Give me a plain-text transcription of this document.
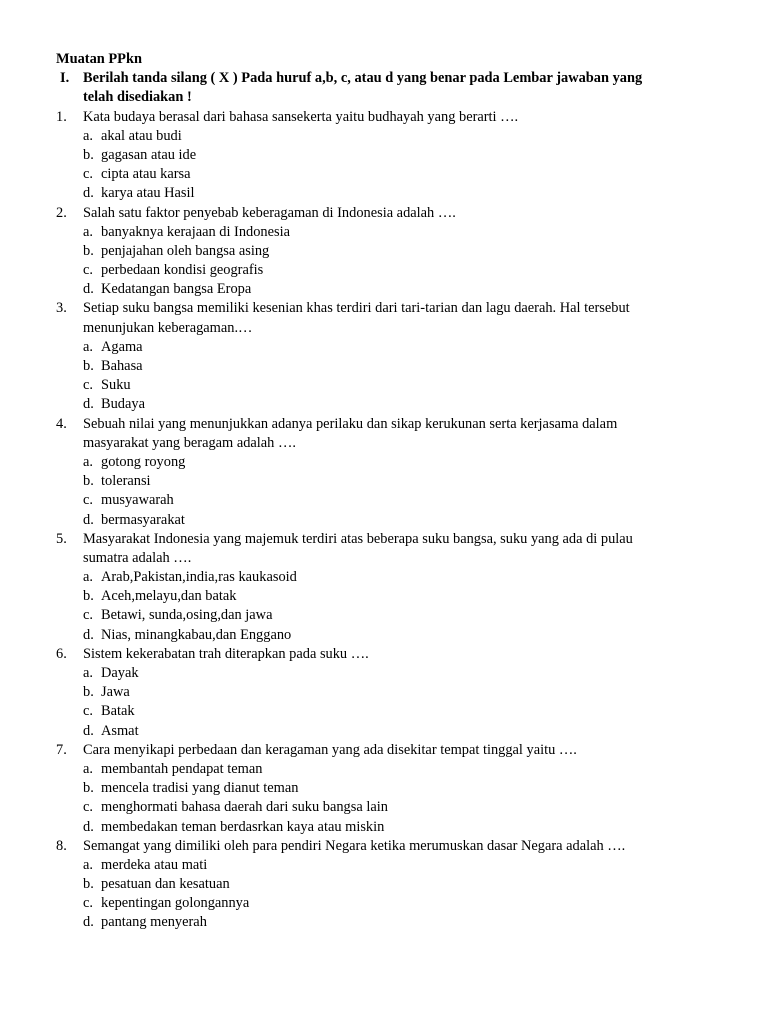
Muatan PPkn
I. Berilah tanda silang ( X ) Pada huruf a,b, c, atau d yang benar pada Lembar jawaban yang
telah disediakan !
1. Kata budaya berasal dari bahasa sansekerta yaitu budhayah yang berarti ….
a. akal atau budi
b. gagasan atau ide
c. cipta atau karsa
d. karya atau Hasil
2. Salah satu faktor penyebab keberagaman di Indonesia adalah ….
a. banyaknya kerajaan di Indonesia
b. penjajahan oleh bangsa asing
c. perbedaan kondisi geografis
d. Kedatangan bangsa Eropa
3. Setiap suku bangsa memiliki kesenian khas terdiri dari tari-tarian dan lagu daerah. Hal tersebut
menunjukan keberagaman.…
a. Agama
b. Bahasa
c. Suku
d. Budaya
4. Sebuah nilai yang menunjukkan adanya perilaku dan sikap kerukunan serta kerjasama dalam
masyarakat yang beragam adalah ….
a. gotong royong
b. toleransi
c. musyawarah
d. bermasyarakat
5. Masyarakat Indonesia yang majemuk terdiri atas beberapa suku bangsa, suku yang ada di pulau
sumatra adalah ….
a. Arab,Pakistan,india,ras kaukasoid
b. Aceh,melayu,dan batak
c. Betawi, sunda,osing,dan jawa
d. Nias, minangkabau,dan Enggano
6. Sistem kekerabatan trah diterapkan pada suku ….
a. Dayak
b. Jawa
c. Batak
d. Asmat
7. Cara menyikapi perbedaan dan keragaman yang ada disekitar tempat tinggal yaitu ….
a. membantah pendapat teman
b. mencela tradisi yang dianut teman
c. menghormati bahasa daerah dari suku bangsa lain
d. membedakan teman berdasrkan kaya atau miskin
8. Semangat yang dimiliki oleh para pendiri Negara ketika merumuskan dasar Negara adalah ….
a. merdeka atau mati
b. pesatuan dan kesatuan
c. kepentingan golongannya
d. pantang menyerah
